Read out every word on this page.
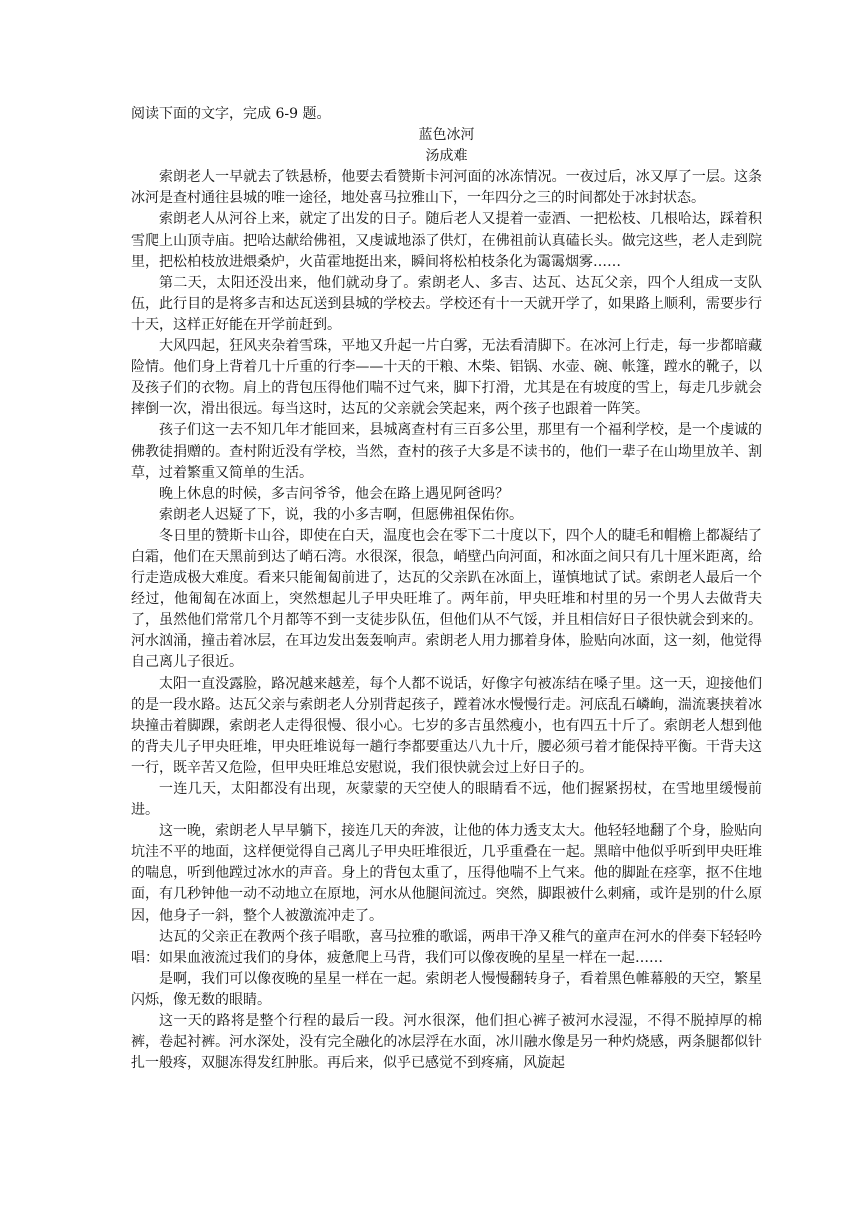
阅读下面的文字，完成 6-9 题。

蓝色冰河

汤成难

索朗老人一早就去了铁悬桥，他要去看赞斯卡河河面的冰冻情况。一夜过后，冰又厚了一层。这条冰河是查村通往县城的唯一途径，地处喜马拉雅山下，一年四分之三的时间都处于冰封状态。

索朗老人从河谷上来，就定了出发的日子。随后老人又提着一壶酒、一把松枝、几根哈达，踩着积雪爬上山顶寺庙。把哈达献给佛祖，又虔诚地添了供灯，在佛祖前认真磕长头。做完这些，老人走到院里，把松柏枝放进煨桑炉，火苗霍地挺出来，瞬间将松柏枝条化为霭霭烟雾……

第二天，太阳还没出来，他们就动身了。索朗老人、多吉、达瓦、达瓦父亲，四个人组成一支队伍，此行目的是将多吉和达瓦送到县城的学校去。学校还有十一天就开学了，如果路上顺利，需要步行十天，这样正好能在开学前赶到。

大风四起，狂风夹杂着雪珠，平地又升起一片白雾，无法看清脚下。在冰河上行走，每一步都暗藏险情。他们身上背着几十斤重的行李——十天的干粮、木柴、铝锅、水壶、碗、帐篷，蹚水的靴子，以及孩子们的衣物。肩上的背包压得他们喘不过气来，脚下打滑，尤其是在有坡度的雪上，每走几步就会摔倒一次，滑出很远。每当这时，达瓦的父亲就会笑起来，两个孩子也跟着一阵笑。

孩子们这一去不知几年才能回来，县城离查村有三百多公里，那里有一个福利学校，是一个虔诚的佛教徒捐赠的。查村附近没有学校，当然，查村的孩子大多是不读书的，他们一辈子在山坳里放羊、割草，过着繁重又简单的生活。

晚上休息的时候，多吉问爷爷，他会在路上遇见阿爸吗？

索朗老人迟疑了下，说，我的小多吉啊，但愿佛祖保佑你。

冬日里的赞斯卡山谷，即使在白天，温度也会在零下二十度以下，四个人的睫毛和帽檐上都凝结了白霜，他们在天黑前到达了峭石湾。水很深，很急，峭壁凸向河面，和冰面之间只有几十厘米距离，给行走造成极大难度。看来只能匍匐前进了，达瓦的父亲趴在冰面上，谨慎地试了试。索朗老人最后一个经过，他匍匐在冰面上，突然想起儿子甲央旺堆了。两年前，甲央旺堆和村里的另一个男人去做背夫了，虽然他们常常几个月都等不到一支徒步队伍，但他们从不气馁，并且相信好日子很快就会到来的。河水汹涌，撞击着冰层，在耳边发出轰轰响声。索朗老人用力挪着身体，脸贴向冰面，这一刻，他觉得自己离儿子很近。

太阳一直没露脸，路况越来越差，每个人都不说话，好像字句被冻结在嗓子里。这一天，迎接他们的是一段水路。达瓦父亲与索朗老人分别背起孩子，蹚着冰水慢慢行走。河底乱石嶙峋，湍流裹挟着冰块撞击着脚踝，索朗老人走得很慢、很小心。七岁的多吉虽然瘦小，也有四五十斤了。索朗老人想到他的背夫儿子甲央旺堆，甲央旺堆说每一趟行李都要重达八九十斤，腰必须弓着才能保持平衡。干背夫这一行，既辛苦又危险，但甲央旺堆总安慰说，我们很快就会过上好日子的。

一连几天，太阳都没有出现，灰蒙蒙的天空使人的眼睛看不远，他们握紧拐杖，在雪地里缓慢前进。

这一晚，索朗老人早早躺下，接连几天的奔波，让他的体力透支太大。他轻轻地翻了个身，脸贴向坑洼不平的地面，这样便觉得自己离儿子甲央旺堆很近，几乎重叠在一起。黑暗中他似乎听到甲央旺堆的喘息，听到他蹚过冰水的声音。身上的背包太重了，压得他喘不上气来。他的脚趾在痉挛，抠不住地面，有几秒钟他一动不动地立在原地，河水从他腿间流过。突然，脚跟被什么刺痛，或许是别的什么原因，他身子一斜，整个人被激流冲走了。

达瓦的父亲正在教两个孩子唱歌，喜马拉雅的歌谣，两串干净又稚气的童声在河水的伴奏下轻轻吟唱：如果血液流过我们的身体，疲惫爬上马背，我们可以像夜晚的星星一样在一起……

是啊，我们可以像夜晚的星星一样在一起。索朗老人慢慢翻转身子，看着黑色帷幕般的天空，繁星闪烁，像无数的眼睛。

这一天的路将是整个行程的最后一段。河水很深，他们担心裤子被河水浸湿，不得不脱掉厚的棉裤，卷起衬裤。河水深处，没有完全融化的冰层浮在水面，冰川融水像是另一种灼烧感，两条腿都似针扎一般疼，双腿冻得发红肿胀。再后来，似乎已感觉不到疼痛，风旋起
